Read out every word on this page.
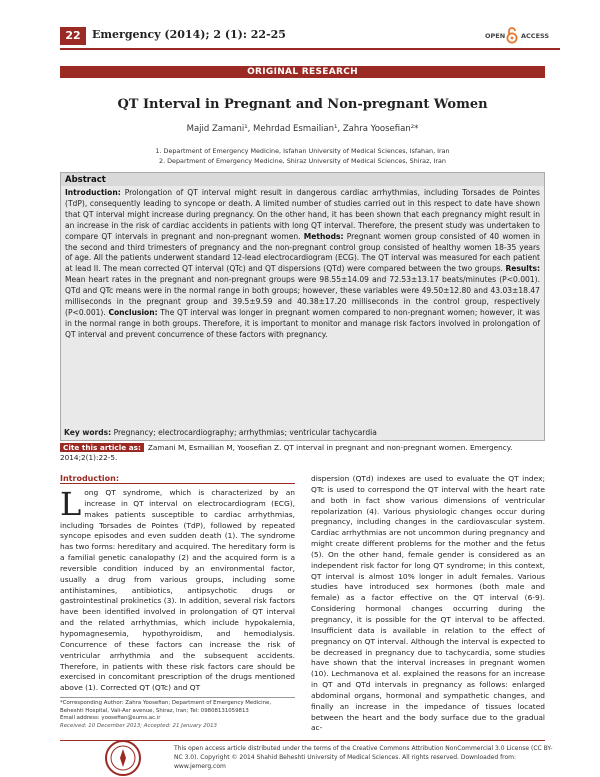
22	Emergency (2014); 2 (1): 22-25	OPEN ACCESS
ORIGINAL RESEARCH
QT Interval in Pregnant and Non-pregnant Women
Majid Zamani¹, Mehrdad Esmailian¹, Zahra Yoosefian²*
1. Department of Emergency Medicine, Isfahan University of Medical Sciences, Isfahan, Iran
2. Department of Emergency Medicine, Shiraz University of Medical Sciences, Shiraz, Iran
Abstract
Introduction: Prolongation of QT interval might result in dangerous cardiac arrhythmias, including Torsades de Pointes (TdP), consequently leading to syncope or death. A limited number of studies carried out in this respect to date have shown that QT interval might increase during pregnancy. On the other hand, it has been shown that each pregnancy might result in an increase in the risk of cardiac accidents in patients with long QT interval. Therefore, the present study was undertaken to compare QT intervals in pregnant and non-pregnant women. Methods: Pregnant women group consisted of 40 women in the second and third trimesters of pregnancy and the non-pregnant control group consisted of healthy women 18-35 years of age. All the patients underwent standard 12-lead electrocardiogram (ECG). The QT interval was measured for each patient at lead II. The mean corrected QT interval (QTc) and QT dispersions (QTd) were compared between the two groups. Results: Mean heart rates in the pregnant and non-pregnant groups were 98.55±14.09 and 72.53±13.17 beats/minutes (P<0.001). QTd and QTc means were in the normal range in both groups; however, these variables were 49.50±12.80 and 43.03±18.47 milliseconds in the pregnant group and 39.5±9.59 and 40.38±17.20 milliseconds in the control group, respectively (P<0.001). Conclusion: The QT interval was longer in pregnant women compared to non-pregnant women; however, it was in the normal range in both groups. Therefore, it is important to monitor and manage risk factors involved in prolongation of QT interval and prevent concurrence of these factors with pregnancy.
Key words: Pregnancy; electrocardiography; arrhythmias; ventricular tachycardia
Cite this article as: Zamani M, Esmailian M, Yoosefian Z. QT interval in pregnant and non-pregnant women. Emergency. 2014;2(1):22-5.
Introduction:
Long QT syndrome, which is characterized by an increase in QT interval on electrocardiogram (ECG), makes patients susceptible to cardiac arrhythmias, including Torsades de Pointes (TdP), followed by repeated syncope episodes and even sudden death (1). The syndrome has two forms: hereditary and acquired. The hereditary form is a familial genetic canalopathy (2) and the acquired form is a reversible condition induced by an environmental factor, usually a drug from various groups, including some antihistamines, antibiotics, antipsychotic drugs or gastrointestinal prokinetics (3). In addition, several risk factors have been identified involved in prolongation of QT interval and the related arrhythmias, which include hypokalemia, hypomagnesemia, hypothyroidism, and hemodialysis. Concurrence of these factors can increase the risk of ventricular arrhythmia and the subsequent accidents. Therefore, in patients with these risk factors care should be exercised in concomitant prescription of the drugs mentioned above (1). Corrected QT (QTc) and QT
dispersion (QTd) indexes are used to evaluate the QT index; QTc is used to correspond the QT interval with the heart rate and both in fact show various dimensions of ventricular repolarization (4). Various physiologic changes occur during pregnancy, including changes in the cardiovascular system. Cardiac arrhythmias are not uncommon during pregnancy and might create different problems for the mother and the fetus (5). On the other hand, female gender is considered as an independent risk factor for long QT syndrome; in this context, QT interval is almost 10% longer in adult females. Various studies have introduced sex hormones (both male and female) as a factor effective on the QT interval (6-9). Considering hormonal changes occurring during the pregnancy, it is possible for the QT interval to be affected. Insufficient data is available in relation to the effect of pregnancy on QT interval. Although the interval is expected to be decreased in pregnancy due to tachycardia, some studies have shown that the interval increases in pregnant women (10). Lechmanova et al. explained the reasons for an increase in QT and QTd intervals in pregnancy as follows: enlarged abdominal organs, hormonal and sympathetic changes, and finally an increase in the impedance of tissues located between the heart and the body surface due to the gradual ac-
*Corresponding Author: Zahra Yoosefian; Department of Emergency Medicine, Beheshti Hospital, Vali-Asr avenue, Shiraz, Iran; Tel: 09808131059813
Email address: yoosefian@sums.ac.ir
Received: 10 December 2013; Accepted: 21 January 2013
This open access article distributed under the terms of the Creative Commons Attribution NonCommercial 3.0 License (CC BY-NC 3.0). Copyright © 2014 Shahid Beheshti University of Medical Sciences. All rights reserved. Downloaded from: www.jemerg.com
